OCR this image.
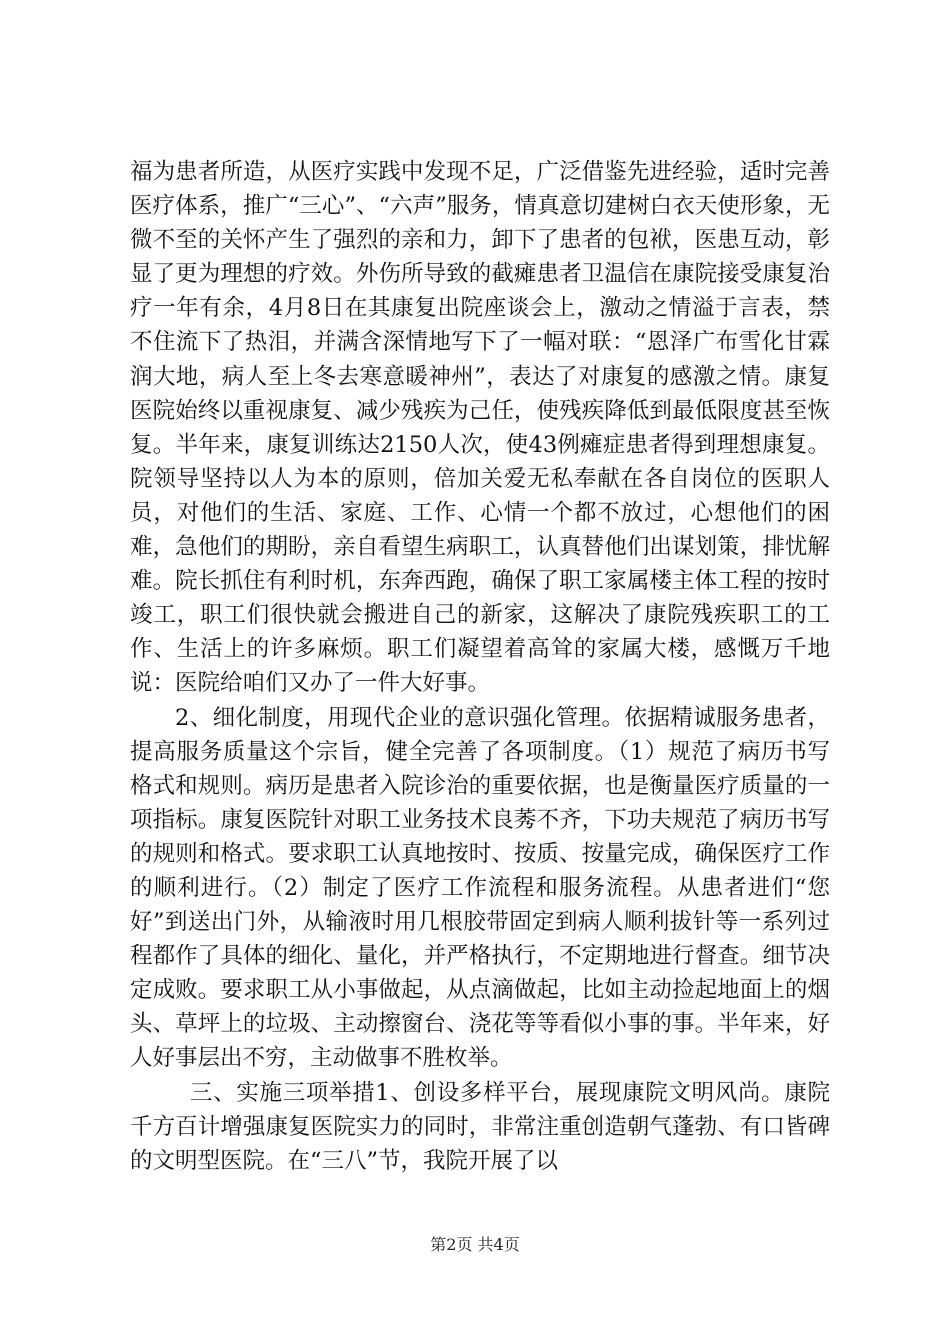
福为患者所造，从医疗实践中发现不足，广泛借鉴先进经验，适时完善医疗体系，推广“三心”、“六声”服务，情真意切建树白衣天使形象，无微不至的关怀产生了强烈的亲和力，卸下了患者的包袱，医患互动，彰显了更为理想的疗效。外伤所导致的截瘫患者卫温信在康院接受康复治疗一年有余，4月8日在其康复出院座谈会上，激动之情溢于言表，禁不住流下了热泪，并满含深情地写下了一幅对联：“恩泽广布雪化甘霖润大地，病人至上冬去寒意暖神州”，表达了对康复的感激之情。康复医院始终以重视康复、减少残疾为己任，使残疾降低到最低限度甚至恢复。半年来，康复训练达2150人次，使43例瘫症患者得到理想康复。院领导坚持以人为本的原则，倍加关爱无私奉献在各自岗位的医职人员，对他们的生活、家庭、工作、心情一个都不放过，心想他们的困难，急他们的期盼，亲自看望生病职工，认真替他们出谋划策，排忧解难。院长抓住有利时机，东奔西跑，确保了职工家属楼主体工程的按时竣工，职工们很快就会搬进自己的新家，这解决了康院残疾职工的工作、生活上的许多麻烦。职工们凝望着高耸的家属大楼，感慨万千地说：医院给咱们又办了一件大好事。

2、细化制度，用现代企业的意识强化管理。依据精诚服务患者，提高服务质量这个宗旨，健全完善了各项制度。（1）规范了病历书写格式和规则。病历是患者入院诊治的重要依据，也是衡量医疗质量的一项指标。康复医院针对职工业务技术良莠不齐，下功夫规范了病历书写的规则和格式。要求职工认真地按时、按质、按量完成，确保医疗工作的顺利进行。（2）制定了医疗工作流程和服务流程。从患者进们“您好”到送出门外，从输液时用几根胶带固定到病人顺利拔针等一系列过程都作了具体的细化、量化，并严格执行，不定期地进行督查。细节决定成败。要求职工从小事做起，从点滴做起，比如主动捡起地面上的烟头、草坪上的垃圾、主动擦窗台、浇花等等看似小事的事。半年来，好人好事层出不穷，主动做事不胜枚举。

三、实施三项举措1、创设多样平台，展现康院文明风尚。康院千方百计增强康复医院实力的同时，非常注重创造朝气蓬勃、有口皆碑的文明型医院。在“三八”节，我院开展了以

第2页 共4页
